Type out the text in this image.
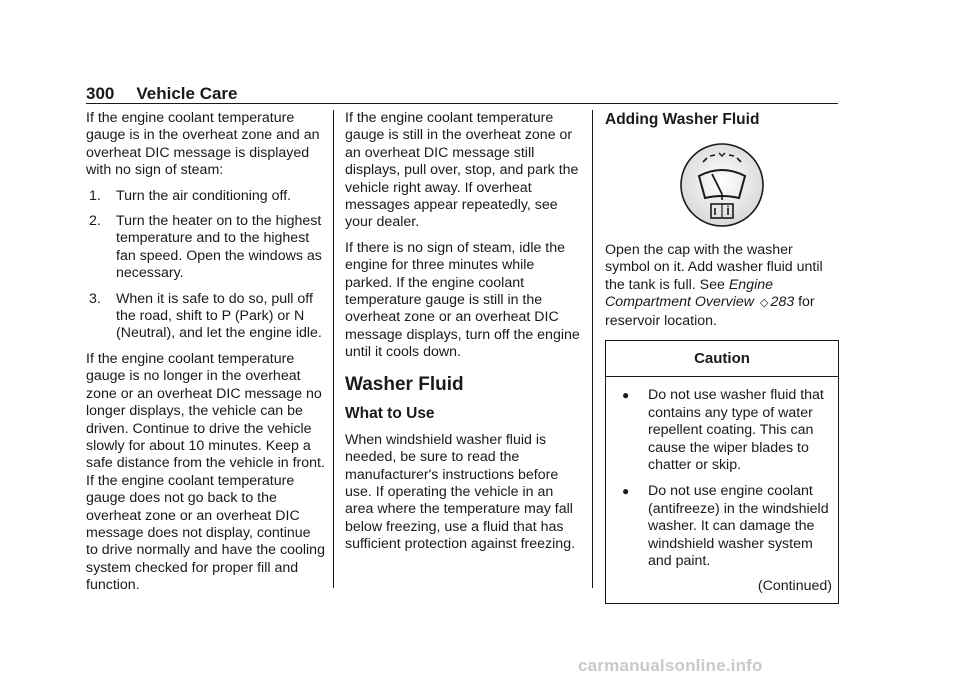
300 Vehicle Care

If the engine coolant temperature gauge is in the overheat zone and an overheat DIC message is displayed with no sign of steam:

1. Turn the air conditioning off.
2. Turn the heater on to the highest temperature and to the highest fan speed. Open the windows as necessary.
3. When it is safe to do so, pull off the road, shift to P (Park) or N (Neutral), and let the engine idle.

If the engine coolant temperature gauge is no longer in the overheat zone or an overheat DIC message no longer displays, the vehicle can be driven. Continue to drive the vehicle slowly for about 10 minutes. Keep a safe distance from the vehicle in front. If the engine coolant temperature gauge does not go back to the overheat zone or an overheat DIC message does not display, continue to drive normally and have the cooling system checked for proper fill and function.

If the engine coolant temperature gauge is still in the overheat zone or an overheat DIC message still displays, pull over, stop, and park the vehicle right away. If overheat messages appear repeatedly, see your dealer.

If there is no sign of steam, idle the engine for three minutes while parked. If the engine coolant temperature gauge is still in the overheat zone or an overheat DIC message displays, turn off the engine until it cools down.

Washer Fluid
What to Use

When windshield washer fluid is needed, be sure to read the manufacturer's instructions before use. If operating the vehicle in an area where the temperature may fall below freezing, use a fluid that has sufficient protection against freezing.

Adding Washer Fluid

Open the cap with the washer symbol on it. Add washer fluid until the tank is full. See Engine Compartment Overview ◇ 283 for reservoir location.

Caution
● Do not use washer fluid that contains any type of water repellent coating. This can cause the wiper blades to chatter or skip.
● Do not use engine coolant (antifreeze) in the windshield washer. It can damage the windshield washer system and paint.
(Continued)
carmanualsonline.info
